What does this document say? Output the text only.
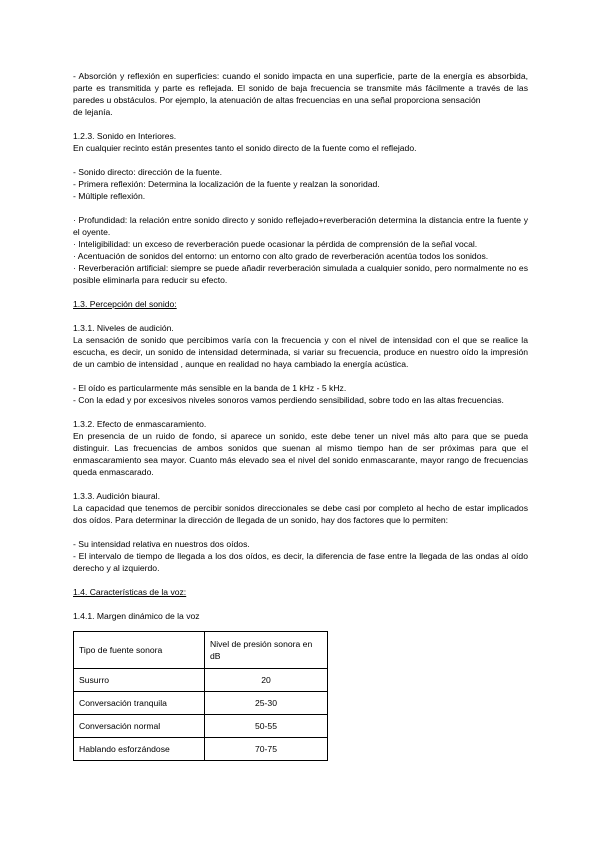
- Absorción y reflexión en superficies: cuando el sonido impacta en una superficie, parte de la energía es absorbida, parte es transmitida y parte es reflejada. El sonido de baja frecuencia se transmite más fácilmente a través de las paredes u obstáculos. Por ejemplo, la atenuación de altas frecuencias en una señal proporciona sensación

de lejanía.

1.2.3. Sonido en Interiores.

En cualquier recinto están presentes tanto el sonido directo de la fuente como el reflejado.

- Sonido directo: dirección de la fuente.

- Primera reflexión: Determina la localización de la fuente y realzan la sonoridad.

- Múltiple reflexión.

· Profundidad: la relación entre sonido directo y sonido reflejado+reverberación determina la distancia entre la fuente y el oyente.

· Inteligibilidad: un exceso de reverberación puede ocasionar la pérdida de comprensión de la señal vocal.

· Acentuación de sonidos del entorno: un entorno con alto grado de reverberación acentúa todos los sonidos.

· Reverberación artificial: siempre se puede añadir reverberación simulada a cualquier sonido, pero normalmente no es posible eliminarla para reducir su efecto.

1.3. Percepción del sonido:

1.3.1. Niveles de audición.

La sensación de sonido que percibimos varía con la frecuencia y con el nivel de intensidad con el que se realice la escucha, es decir, un sonido de intensidad determinada, si variar su frecuencia, produce en nuestro oído la impresión de un cambio de intensidad , aunque en realidad no haya cambiado la energía acústica.

- El oído es particularmente más sensible en la banda de 1 kHz - 5 kHz.

- Con la edad y por excesivos niveles sonoros vamos perdiendo sensibilidad, sobre todo en las altas frecuencias.

1.3.2. Efecto de enmascaramiento.

En presencia de un ruido de fondo, si aparece un sonido, este debe tener un nivel más alto para que se pueda distinguir. Las frecuencias de ambos sonidos que suenan al mismo tiempo han de ser próximas para que el enmascaramiento sea mayor. Cuanto más elevado sea el nivel del sonido enmascarante, mayor rango de frecuencias queda enmascarado.

1.3.3. Audición biaural.

La capacidad que tenemos de percibir sonidos direccionales se debe casi por completo al hecho de estar implicados dos oídos. Para determinar la dirección de llegada de un sonido, hay dos factores que lo permiten:

- Su intensidad relativa en nuestros dos oídos.

- El intervalo de tiempo de llegada a los dos oídos, es decir, la diferencia de fase entre la llegada de las ondas al oído derecho y al izquierdo.

1.4. Características de la voz:

1.4.1. Margen dinámico de la voz

Tipo de fuente sonora	Nivel de presión sonora en dB
Susurro	20
Conversación tranquila	25-30
Conversación normal	50-55
Hablando esforzándose	70-75
